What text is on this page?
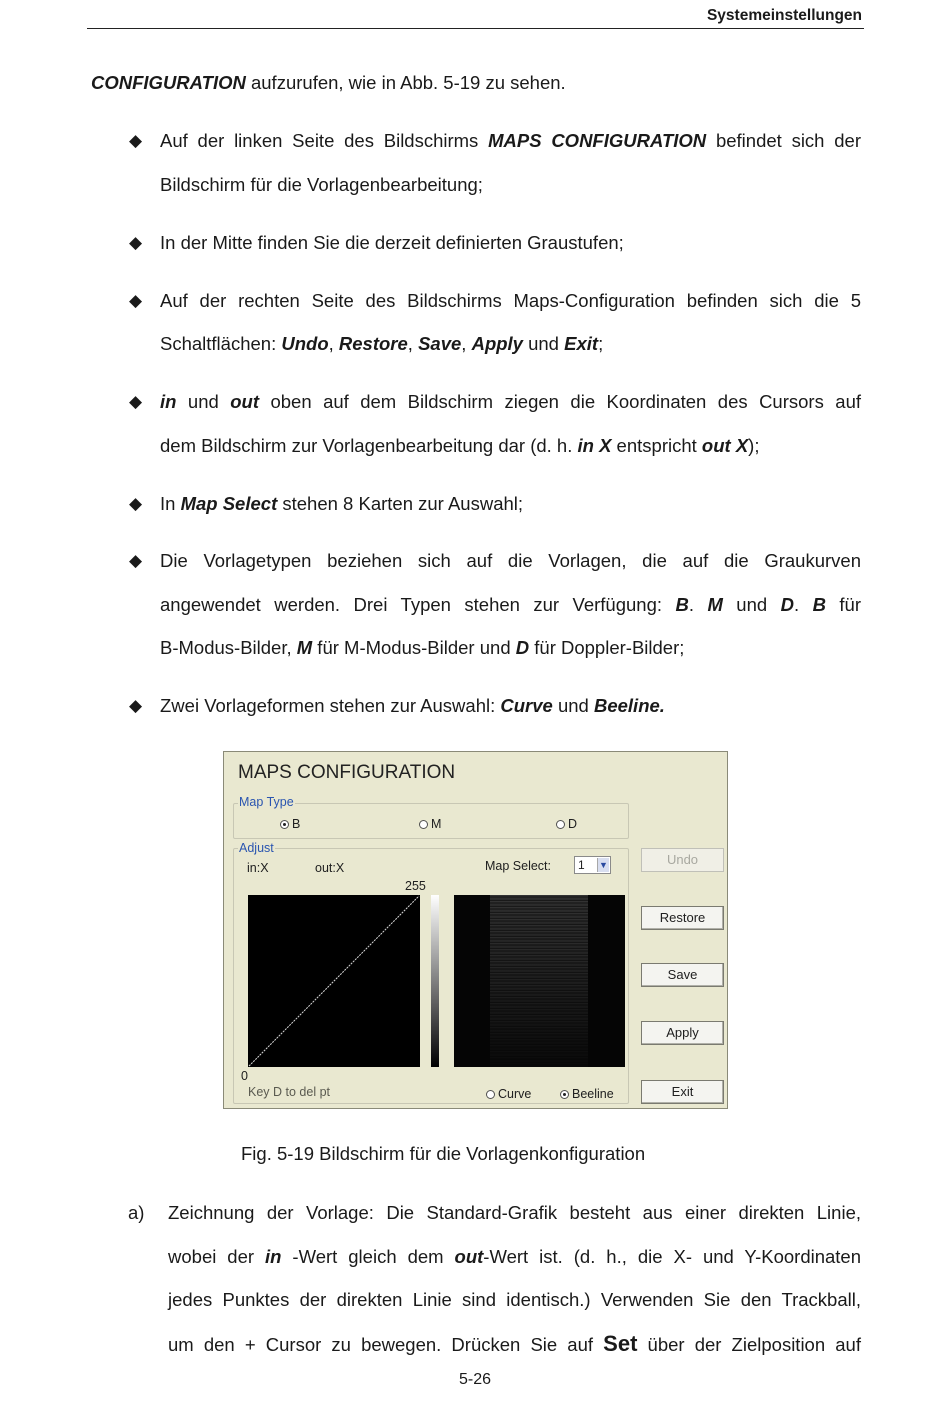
Systemeinstellungen
CONFIGURATION aufzurufen, wie in Abb. 5-19 zu sehen.
◆ Auf der linken Seite des Bildschirms MAPS CONFIGURATION befindet sich der
Bildschirm für die Vorlagenbearbeitung;
◆ In der Mitte finden Sie die derzeit definierten Graustufen;
◆ Auf der rechten Seite des Bildschirms Maps-Configuration befinden sich die 5
Schaltflächen: Undo, Restore, Save, Apply und Exit;
◆ in und out oben auf dem Bildschirm ziegen die Koordinaten des Cursors auf
dem Bildschirm zur Vorlagenbearbeitung dar (d. h. in X entspricht out X);
◆ In Map Select stehen 8 Karten zur Auswahl;
◆ Die Vorlagetypen beziehen sich auf die Vorlagen, die auf die Graukurven
angewendet werden. Drei Typen stehen zur Verfügung: B. M und D. B für
B-Modus-Bilder, M für M-Modus-Bilder und D für Doppler-Bilder;
◆ Zwei Vorlageformen stehen zur Auswahl: Curve und Beeline.
MAPS CONFIGURATION
Map Type
B	M	D
Adjust
in:X	out:X	Map Select:	1 ▼
255
0
Key D to del pt	Curve	Beeline
Undo
Restore
Save
Apply
Exit
Fig. 5-19 Bildschirm für die Vorlagenkonfiguration
a) Zeichnung der Vorlage: Die Standard-Grafik besteht aus einer direkten Linie,
wobei der in -Wert gleich dem out-Wert ist. (d. h., die X- und Y-Koordinaten
jedes Punktes der direkten Linie sind identisch.) Verwenden Sie den Trackball,
um den + Cursor zu bewegen. Drücken Sie auf Set über der Zielposition auf
5-26
